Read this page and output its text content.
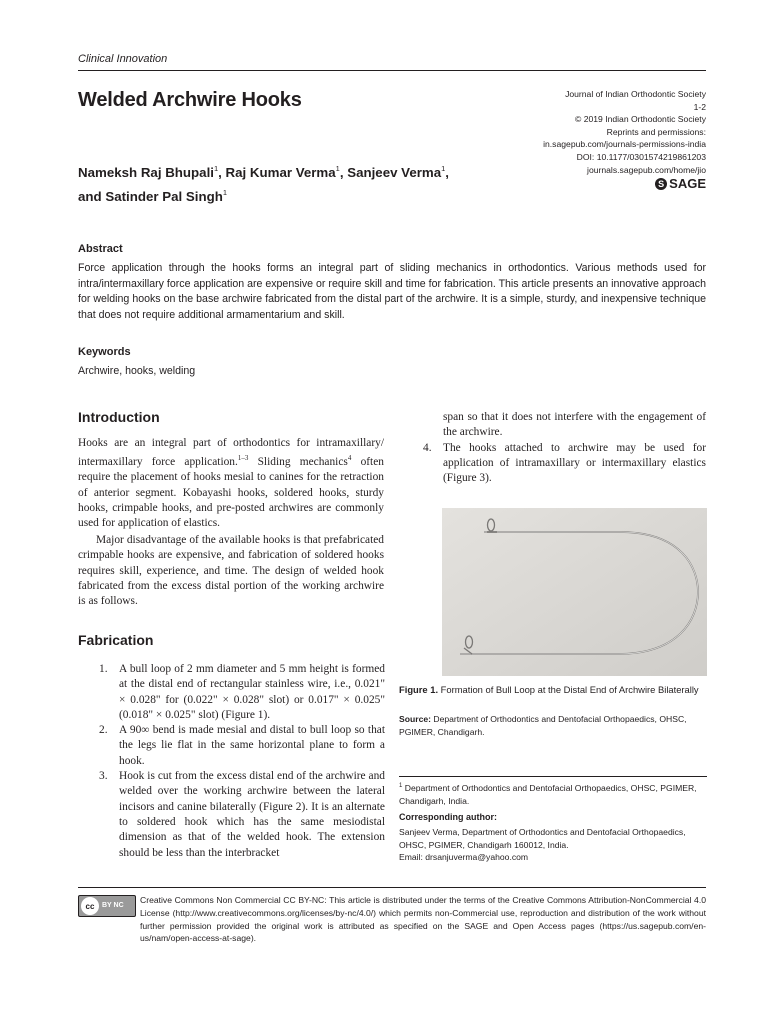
Clinical Innovation
Welded Archwire Hooks	Journal of Indian Orthodontic Society
1-2
© 2019 Indian Orthodontic Society
Reprints and permissions:
in.sagepub.com/journals-permissions-india
DOI: 10.1177/0301574219861203
journals.sagepub.com/home/jio
S SAGE
Nameksh Raj Bhupali$^1$, Raj Kumar Verma$^1$, Sanjeev Verma$^1$,
and Satinder Pal Singh$^1$
Abstract
Force application through the hooks forms an integral part of sliding mechanics in orthodontics. Various methods used for intra/intermaxillary force application are expensive or require skill and time for fabrication. This article presents an innovative approach for welding hooks on the base archwire fabricated from the distal part of the archwire. It is a simple, sturdy, and inexpensive technique that does not require additional armamentarium and skill.
Keywords
Archwire, hooks, welding
Introduction
Hooks are an integral part of orthodontics for intramaxillary/ intermaxillary force application.$^{1-3}$ Sliding mechanics$^4$ often require the placement of hooks mesial to canines for the retraction of anterior segment. Kobayashi hooks, soldered hooks, sturdy hooks, crimpable hooks, and pre-posted archwires are commonly used for application of elastics.
Major disadvantage of the available hooks is that prefabricated crimpable hooks are expensive, and fabrication of soldered hooks requires skill, experience, and time. The design of welded hook fabricated from the excess distal portion of the working archwire is as follows.
Fabrication
1.	A bull loop of 2 mm diameter and 5 mm height is formed at the distal end of rectangular stainless wire, i.e., 0.021" × 0.028" for (0.022" × 0.028" slot) or 0.017" × 0.025" (0.018" × 0.025" slot) (Figure 1).
2.	A 90∞ bend is made mesial and distal to bull loop so that the legs lie flat in the same horizontal plane to form a hook.
3.	Hook is cut from the excess distal end of the archwire and welded over the working archwire between the lateral incisors and canine bilaterally (Figure 2). It is an alternate to soldered hook which has the same mesiodistal dimension as that of the welded hook. The extension should be less than the interbracket
span so that it does not interfere with the engagement of the archwire.
4.	The hooks attached to archwire may be used for application of intramaxillary or intermaxillary elastics (Figure 3).
Figure 1. Formation of Bull Loop at the Distal End of Archwire Bilaterally
Source: Department of Orthodontics and Dentofacial Orthopaedics, OHSC, PGIMER, Chandigarh.
$^1$ Department of Orthodontics and Dentofacial Orthopaedics, OHSC, PGIMER, Chandigarh, India.
Corresponding author:
Sanjeev Verma, Department of Orthodontics and Dentofacial Orthopaedics, OHSC, PGIMER, Chandigarh 160012, India.
Email: drsanjuverma@yahoo.com
Creative Commons Non Commercial CC BY-NC: This article is distributed under the terms of the Creative Commons Attribution-NonCommercial 4.0 License (http://www.creativecommons.org/licenses/by-nc/4.0/) which permits non-Commercial use, reproduction and distribution of the work without further permission provided the original work is attributed as specified on the SAGE and Open Access pages (https://us.sagepub.com/en-us/nam/open-access-at-sage).
cc	BY NC
